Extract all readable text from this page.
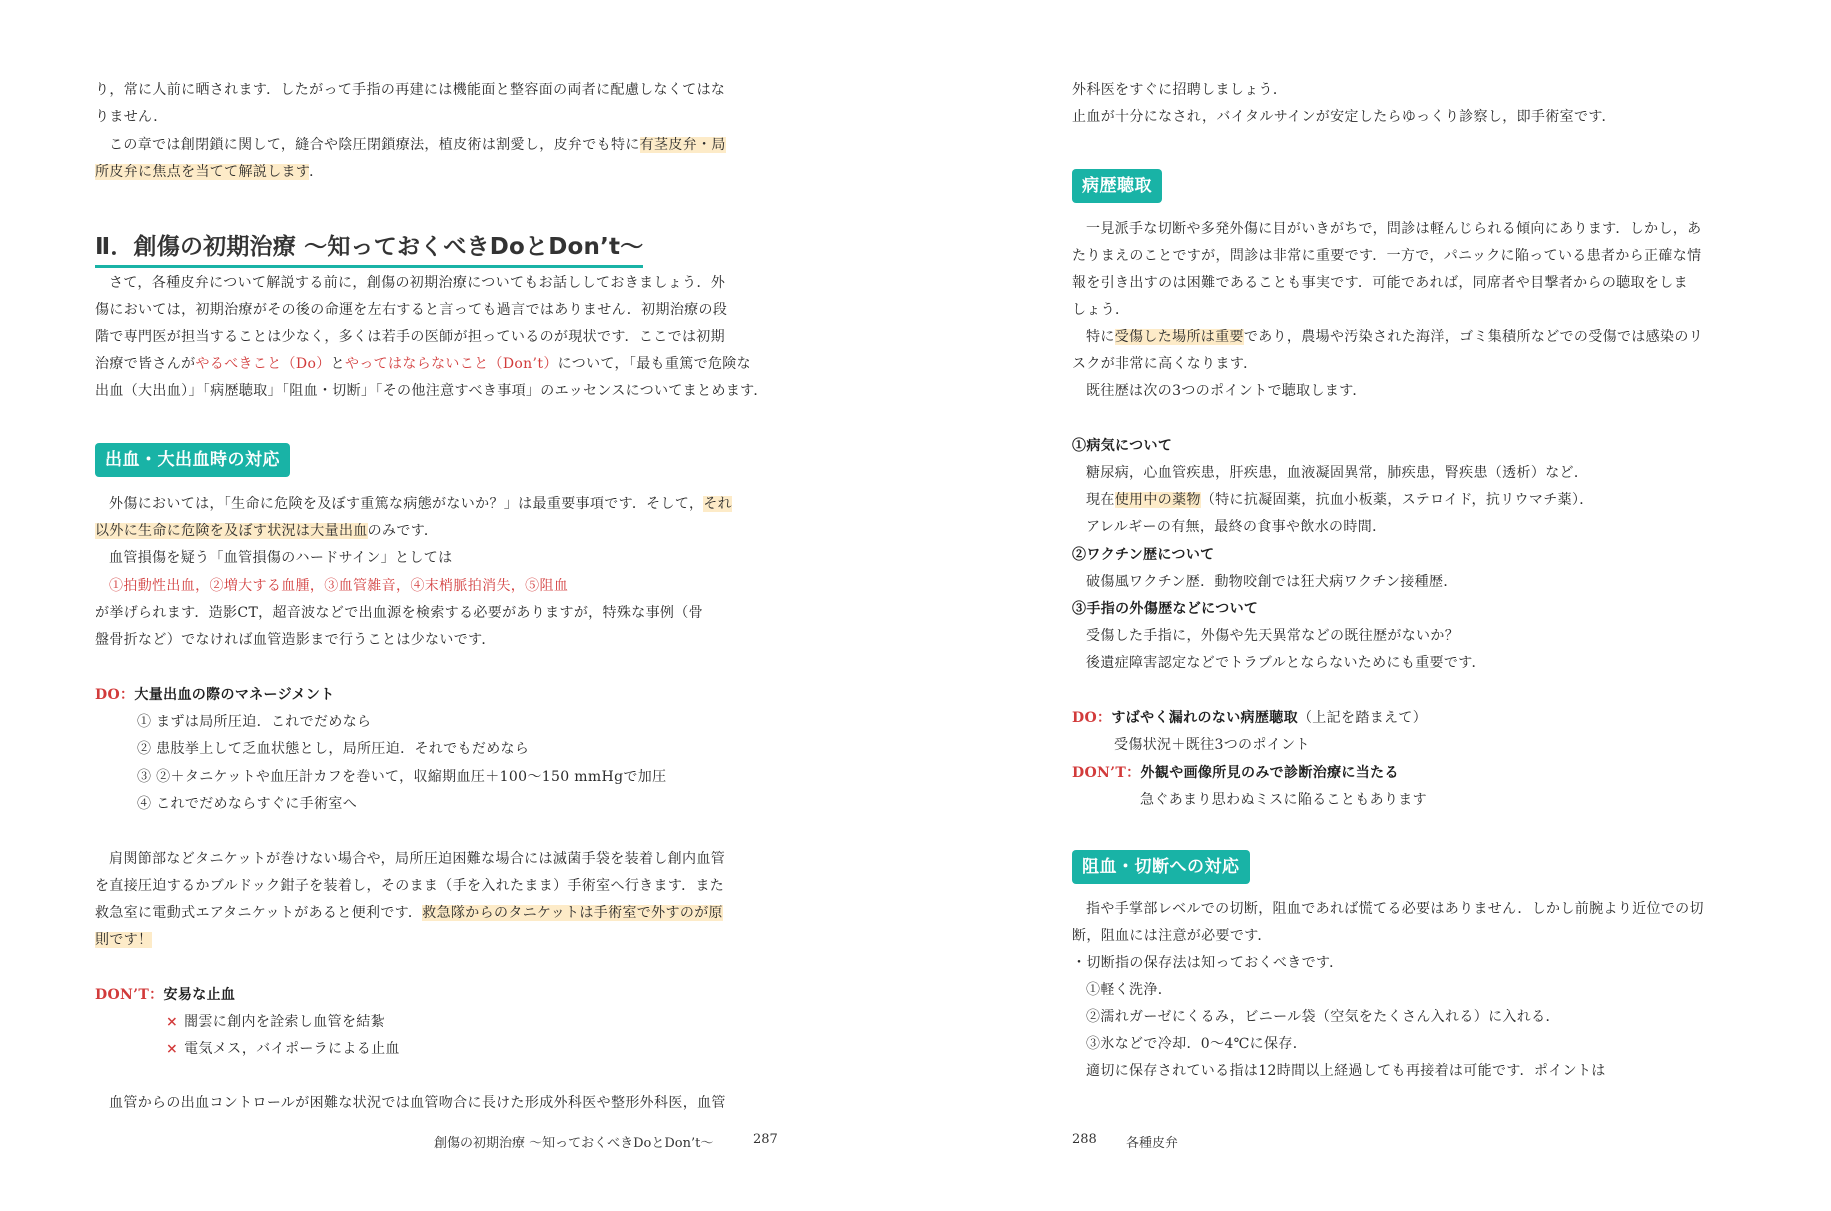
り，常に人前に晒されます．したがって手指の再建には機能面と整容面の両者に配慮しなくてはな
りません．
この章では創閉鎖に関して，縫合や陰圧閉鎖療法，植皮術は割愛し，皮弁でも特に有茎皮弁・局
所皮弁に焦点を当てて解説します．
Ⅱ．創傷の初期治療 〜知っておくべきDoとDon’t〜
さて，各種皮弁について解説する前に，創傷の初期治療についてもお話ししておきましょう．外
傷においては，初期治療がその後の命運を左右すると言っても過言ではありません．初期治療の段
階で専門医が担当することは少なく，多くは若手の医師が担っているのが現状です．ここでは初期
治療で皆さんがやるべきこと（Do）とやってはならないこと（Don’t）について，「最も重篤で危険な
出血（大出血）」「病歴聴取」「阻血・切断」「その他注意すべき事項」のエッセンスについてまとめます．
出血・大出血時の対応
外傷においては，「生命に危険を及ぼす重篤な病態がないか？」は最重要事項です．そして，それ
以外に生命に危険を及ぼす状況は大量出血のみです．
血管損傷を疑う「血管損傷のハードサイン」としては
①拍動性出血，②増大する血腫，③血管雑音，④末梢脈拍消失，⑤阻血
が挙げられます．造影CT，超音波などで出血源を検索する必要がありますが，特殊な事例（骨
盤骨折など）でなければ血管造影まで行うことは少ないです．
DO：大量出血の際のマネージメント
① まずは局所圧迫．これでだめなら
② 患肢挙上して乏血状態とし，局所圧迫．それでもだめなら
③ ②＋タニケットや血圧計カフを巻いて，収縮期血圧＋100〜150 mmHgで加圧
④ これでだめならすぐに手術室へ
肩関節部などタニケットが巻けない場合や，局所圧迫困難な場合には滅菌手袋を装着し創内血管
を直接圧迫するかブルドック鉗子を装着し，そのまま（手を入れたまま）手術室へ行きます．また
救急室に電動式エアタニケットがあると便利です．救急隊からのタニケットは手術室で外すのが原
則です！
DON’T：安易な止血
× 闇雲に創内を詮索し血管を結紮
× 電気メス，バイポーラによる止血
血管からの出血コントロールが困難な状況では血管吻合に長けた形成外科医や整形外科医，血管
創傷の初期治療 〜知っておくべきDoとDon’t〜	287
外科医をすぐに招聘しましょう．
止血が十分になされ，バイタルサインが安定したらゆっくり診察し，即手術室です．
病歴聴取
一見派手な切断や多発外傷に目がいきがちで，問診は軽んじられる傾向にあります．しかし，あ
たりまえのことですが，問診は非常に重要です．一方で，パニックに陥っている患者から正確な情
報を引き出すのは困難であることも事実です．可能であれば，同席者や目撃者からの聴取をしま
しょう．
特に受傷した場所は重要であり，農場や汚染された海洋，ゴミ集積所などでの受傷では感染のリ
スクが非常に高くなります．
既往歴は次の3つのポイントで聴取します．
①病気について
糖尿病，心血管疾患，肝疾患，血液凝固異常，肺疾患，腎疾患（透析）など．
現在使用中の薬物（特に抗凝固薬，抗血小板薬，ステロイド，抗リウマチ薬）．
アレルギーの有無，最終の食事や飲水の時間．
②ワクチン歴について
破傷風ワクチン歴．動物咬創では狂犬病ワクチン接種歴．
③手指の外傷歴などについて
受傷した手指に，外傷や先天異常などの既往歴がないか？
後遺症障害認定などでトラブルとならないためにも重要です．
DO：すばやく漏れのない病歴聴取（上記を踏まえて）
受傷状況＋既往3つのポイント
DON’T：外観や画像所見のみで診断治療に当たる
急ぐあまり思わぬミスに陥ることもあります
阻血・切断への対応
指や手掌部レベルでの切断，阻血であれば慌てる必要はありません．しかし前腕より近位での切
断，阻血には注意が必要です．
・切断指の保存法は知っておくべきです．
①軽く洗浄．
②濡れガーゼにくるみ，ビニール袋（空気をたくさん入れる）に入れる．
③氷などで冷却．0〜4℃に保存．
適切に保存されている指は12時間以上経過しても再接着は可能です．ポイントは
288 各種皮弁
